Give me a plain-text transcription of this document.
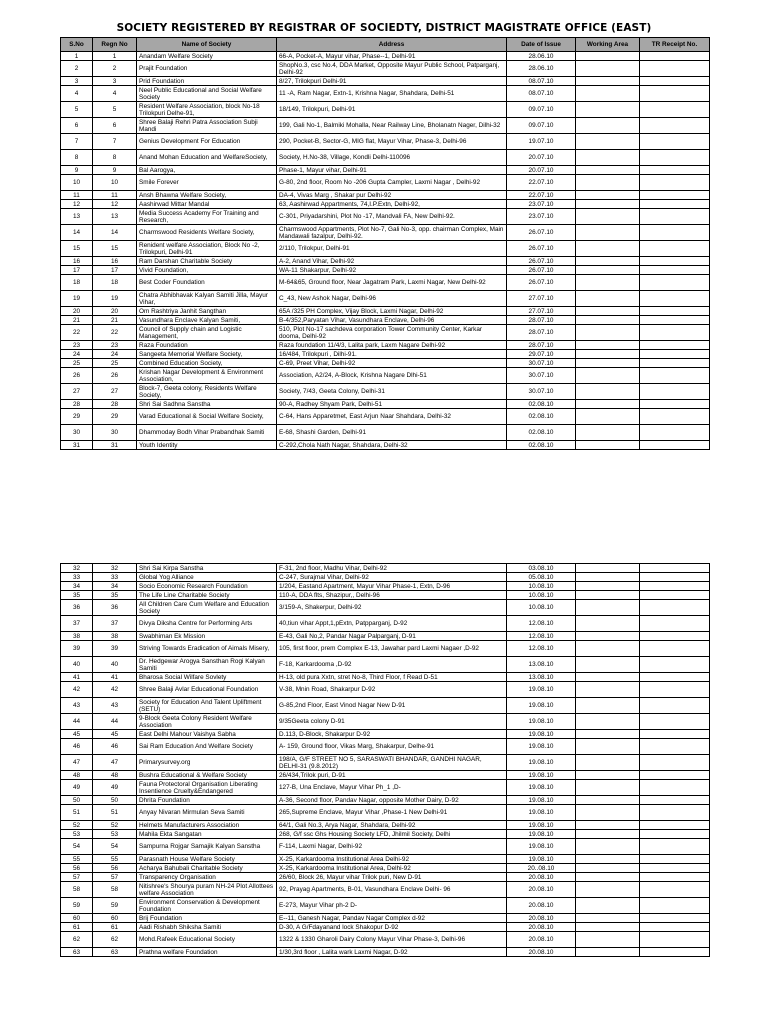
SOCIETY REGISTERED BY REGISTRAR OF SOCIEDTY, DISTRICT MAGISTRATE OFFICE (EAST)
S.No	Regn No	Name of Society	Address	Date of Issue	Working Area	TR Receipt No.
1	1	Anandam Welfare Society	66-A, Pocket-A, Mayur vihar, Phase--1, Delhi-91	28.06.10		
2	2	Prajit Foundation	ShopNo.3, csc No.4, DDA Market, Opposite Mayur Public School, Patparganj, Delhi-92	28.06.10		
3	3	Prid Foundation	8/27, Trilokpuri Delhi-91	08.07.10		
4	4	Neel Public Educational and Social Welfare Society	11 -A, Ram Nagar, Extn-1, Krishna Nagar, Shahdara, Delhi-51	08.07.10		
5	5	Resident Welfare Association, block No-18 Trilokpuri Delhe-91,	18/149, Trilokpuri, Delhi-91	09.07.10		
6	6	Shree Balaji Rehri Patra Association Subji Mandi	199, Gali No-1, Balmiki Mohalla, Near Railway Line, Bholanatn Nager, Dilhi-32	09.07.10		
7	7	Genius Development For Education	290, Pocket-B, Sector-G, MIG flat, Mayur Vihar, Phase-3, Delhi-96	19.07.10		
8	8	Anand Mohan Education and WelfareSociety,	Society, H.No-38, Village, Kondli Delhi-110096	20.07.10		
9	9	Bal Aarogya,	Phase-1, Mayur vihar, Delhi-91	20.07.10		
10	10	Smile Forever	G-80, 2nd floor, Room No -206 Gupta Campler, Laxmi Nagar , Delhi-92	22.07.10		
11	11	Ansh Bhawna Welfare Society,	DA-4, Vivas Marg , Shakar pur Delhi-92	22.07.10		
12	12	Aashirwad Mittar Mandal	63, Aashirwad Appartments, 74,I.P.Extn, Delhi-92,	23.07.10		
13	13	Media Success Academy For Training and Research,	C-301, Priyadarshini, Plot No -17, Mandvali FA, New Delhi-92.	23.07.10		
14	14	Charmswood Residents Welfare Society,	Charmswood Appartments, Plot No-7, Gali No-3, opp. chairman Complex, Main Mandawali fazalpur, Delhi-92.	26.07.10		
15	15	Renident welfare Association, Block No -2, Trilokpuri, Delhi-91	2/110, Trilokpur, Delhi-91	26.07.10		
16	16	Ram Darshan Charitable Society	A-2, Anand Vihar, Delhi-92	26.07.10		
17	17	Vivid Foundation,	WA-11 Shakarpur, Delhi-92	26.07.10		
18	18	Best Coder Foundation	M-64&65, Ground floor, Near Jagatram Park, Laxmi Nagar, New Delhi-92	26.07.10		
19	19	Chatra Abhibhavak Kalyan Samiti Jilla, Mayur Vihar,	C_43, New Ashok Nagar, Delhi-96	27.07.10		
20	20	Om Rashtriya Janhit Sangthan	65A /325 PH Complex, Vijay Block, Laxmi Nagar, Delhi-92	27.07.10		
21	21	Vasundhara Enclave Kalyan Samiti,	B-4/352,Paryatan Vihar, Vasundhara Enclave, Delhi-96	28.07.10		
22	22	Council of Supply chain and Logistic Management,	510, Plot No-17 sachdeva corporation Tower Community Center, Karkar dooma, Delhi-92	28.07.10		
23	23	Raza Foundation	Raza foundation 11/4/3, Lalita park, Laxm Nagare Delhi-92	28.07.10		
24	24	Sangeeta Memorial Welfare Society,	16/484, Trilokpuri , Dilhi-91.	29.07.10		
25	25	Combined Education Society,	C-69, Preet Vihar, Delhi-92	30.07.10		
26	26	Krishan Nagar Development & Environment Association,	Association, A2/24, A-Block, Krishna Nagare Dlhi-51	30.07.10		
27	27	Block-7, Geeta colony, Residents Welfare Society,	Society, 7/43, Geeta Colony, Delhi-31	30.07.10		
28	28	Shri Sai Sadhna Sanstha	90-A, Radhey Shyam Park, Delhi-51	02.08.10		
29	29	Varad Educational & Social Welfare Society,	C-64, Hans Apparetmet, East Arjun Naar Shahdara, Delhi-32	02.08.10		
30	30	Dhammoday Bodh Vihar Prabandhak Samiti	E-68, Shashi Garden, Delhi-91	02.08.10		
31	31	Youth Identity	C-292,Chola Nath Nagar, Shahdara, Delhi-32	02.08.10		
32	32	Shri Sai Kirpa Sanstha	F-31, 2nd floor, Madhu Vihar, Delhi-92	03.08.10		
33	33	Global Yog Alliance	C-247, Surajmal Vihar, Delhi-92	05.08.10		
34	34	Socio Economic Research Foundation	1/204, Eastand Apartment, Mayur Vihar Phase-1, Extn, D-96	10.08.10		
35	35	The Life Line Charitable Society	110-A, DDA flts, Shazipur,, Delhi-96	10.08.10		
36	36	All Children Care Cum Welfare and Education Society	3/159-A, Shakerpur, Delhi-92	10.08.10		
37	37	Divya Diksha Centre for Performing Arts	40,tiun vihar Appt,1,pExtn, Patpparganj, D-92	12.08.10		
38	38	Swabhiman Ek Mission	E-43, Gali No,2, Pandar Nagar Palparganj, D-91	12.08.10		
39	39	Striving Towards Eradication of Aimals Misery,	105, first floor, prem Complex E-13, Jawahar pard Laxmi Nagaer ,D-92	12.08.10		
40	40	Dr. Hedgewar Arogya Sansthan Rogi Kalyan Samiti	F-18, Karkardooma ,D-92	13.08.10		
41	41	Bharosa Social Wilfare Sovlety	H-13, old pura Xxtn, stret No-8, Third Floor, f Read D-51	13.08.10		
42	42	Shree Balaji Avlar Educational Foundation	V-38, Mnin Road, Shakarpur D-92	19.08.10		
43	43	Society for Education And Talent Upliftment (SETU)	G-85,2nd Floor, East Vinod Nagar New D-91	19.08.10		
44	44	9-Block Geeta Colony Resident Welfare Association	9/35Geeta colony D-91	19.08.10		
45	45	East Delhi Mahour Vaishya Sabha	D.113, D-Block, Shakarpur D-92	19.08.10		
46	46	Sai Ram Education And Welfare Society	A- 159, Ground floor, Vikas Marg, Shakarpur, Delhe-91	19.08.10		
47	47	Primarysurvey.org	198/A, G/F STREET NO 5, SARASWATI BHANDAR, GANDHI NAGAR, DELHI-31 (9.8.2012)	19.08.10		
48	48	Bushra Educational & Welfare Society	26/434,Trilok puri, D-91	19.08.10		
49	49	Fauna Protectoral Organisation Liberating Insentience Cruelty&Endangered	127-B, Una Enclave, Mayur Vihar Ph_1 ,D-	19.08.10		
50	50	Dhrita Foundation	A-36, Second floor, Pandav Nagar, opposite Mother Dairy, D-92	19.08.10		
51	51	Anyay Nivaran Mirmulan Seva Samiti	265,Supreme Enclave, Mayur Vihar ,Phase-1 New Delhi-91	19.08.10		
52	52	Helmets Manufacturers Association	64/1, Gali No.3, Arya Nagar, Shahdara, Delhi-92	19.08.10		
53	53	Mahila Ekta Sangatan	268, G/f ssc Ghs Housing Society LFD, Jhilmil Society, Delhi	19.08.10		
54	54	Sampurna Rojgar Samajik Kalyan Sanstha	F-114, Laxmi Nagar, Delhi-92	19.08.10		
55	55	Parasnath House Welfare Society	X-25, Karkardooma Institutional Area Delhi-92	19.08.10		
56	56	Acharya Bahubali Charitable Society	X-25, Karkardooma Institutional Area, Delhi-92	20..08.10		
57	57	Transparency Organisation	26/60, Block 26, Mayur vihar Trilok puri, New D-91	20.08.10		
58	58	Nitishree's Shourya puram NH-24 Plot Allottees welfare Association	92, Prayag Apartments, B-01, Vasundhara Enclave Delhi- 96	20.08.10		
59	59	Environment Conservation & Development Foundation	E-273, Mayur Vihar ph-2 D-	20.08.10		
60	60	Brij Foundation	E--11, Ganesh Nagar, Pandav Nagar Complex d-92	20.08.10		
61	61	Aadi Rishabh Shiksha Samiti	D-30, A G/Fdayanand lock Shakopur D-92	20.08.10		
62	62	Mohd.Rafeek Educational Society	1322 & 1330 Gharoli Dairy Colony Mayur Vihar Phase-3, Delhi-96	20.08.10		
63	63	Prathna welfare Foundation	1/30,3rd floor , Lalita wark Laxmi Nagar, D-92	20.08.10		
